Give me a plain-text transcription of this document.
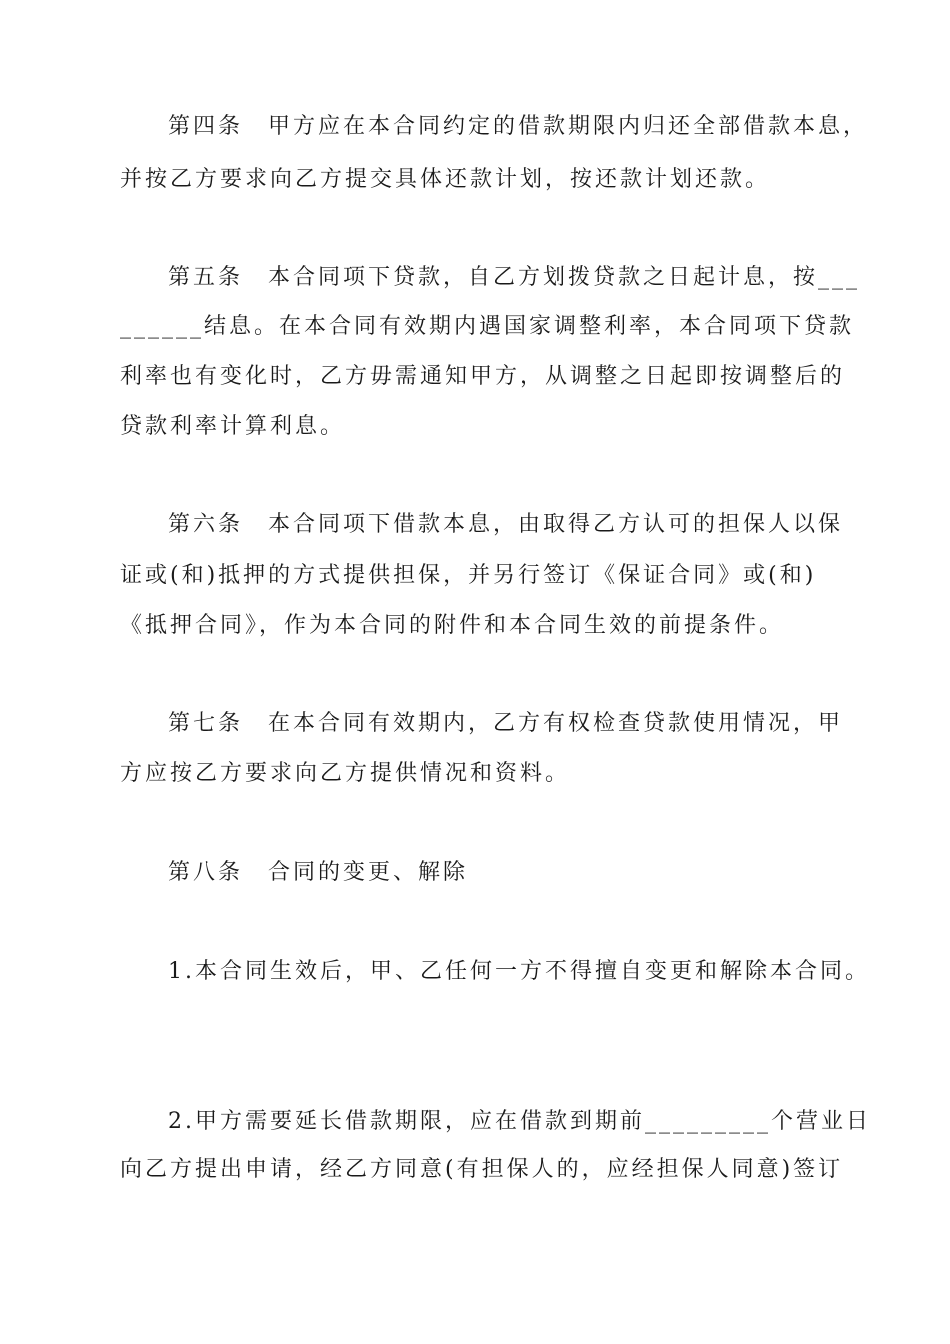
第四条　甲方应在本合同约定的借款期限内归还全部借款本息，
并按乙方要求向乙方提交具体还款计划，按还款计划还款。
第五条　本合同项下贷款，自乙方划拨贷款之日起计息，按___
______结息。在本合同有效期内遇国家调整利率，本合同项下贷款
利率也有变化时，乙方毋需通知甲方，从调整之日起即按调整后的
贷款利率计算利息。
第六条　本合同项下借款本息，由取得乙方认可的担保人以保
证或(和)抵押的方式提供担保，并另行签订《保证合同》或(和)
《抵押合同》，作为本合同的附件和本合同生效的前提条件。
第七条　在本合同有效期内，乙方有权检查贷款使用情况，甲
方应按乙方要求向乙方提供情况和资料。
第八条　合同的变更、解除
1.本合同生效后，甲、乙任何一方不得擅自变更和解除本合同。
2.甲方需要延长借款期限，应在借款到期前_________个营业日
向乙方提出申请，经乙方同意(有担保人的，应经担保人同意)签订
